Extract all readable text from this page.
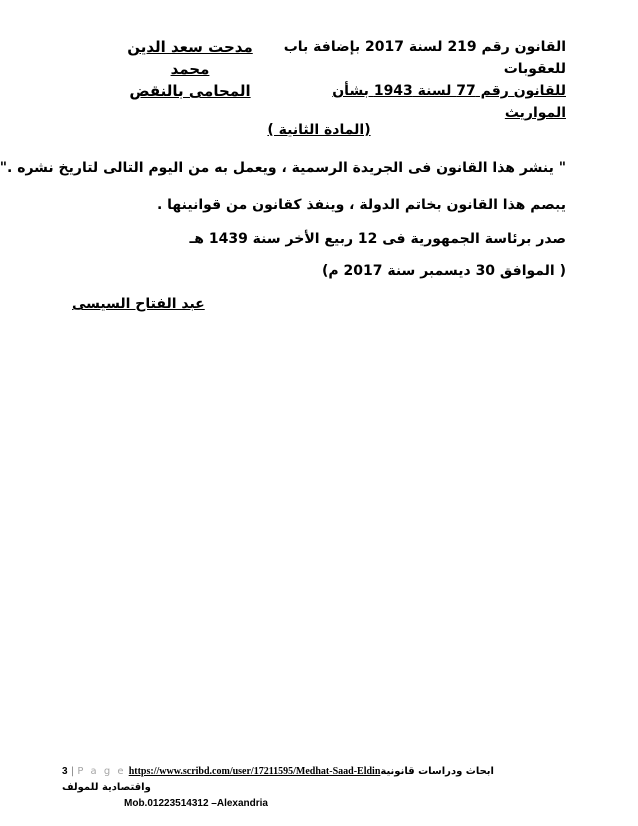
القانون رقم 219 لسنة 2017 بإضافة باب للعقوبات
للقانون رقم 77 لسنة 1943 بشأن المواريث
مدحت سعد الدين محمد
المحامى بالنقض
(المادة الثانية )
" ينشر هذا القانون فى الجريدة الرسمية ، ويعمل به من اليوم التالى لتاريخ نشره ."
يبصم هذا القانون بخاتم الدولة ، وينفذ كقانون من قوانينها .
صدر برئاسة الجمهورية فى 12 ربيع الأخر سنة 1439 هـ
( الموافق 30 ديسمبر سنة 2017 م)
عبد الفتاح السيسى
3 | P a g e https://www.scribd.com/user/17211595/Medhat-Saad-Eldinابحاث ودراسات قانونية واقتصادية للمولف
Mob.01223514312 –Alexandria
